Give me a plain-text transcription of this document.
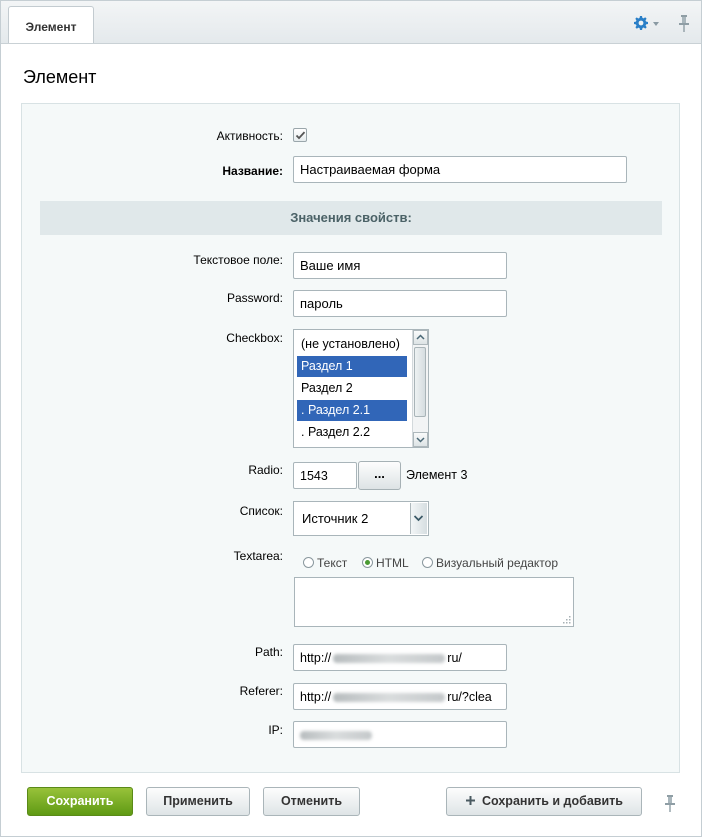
Элемент
Элемент
Активность:
Название:	Настраиваемая форма
Значения свойств:
Текстовое поле:	Ваше имя
Password:	пароль
Checkbox:	(не установлено)
Раздел 1
Раздел 2
. Раздел 2.1
. Раздел 2.2
Radio:	1543	...	Элемент 3
Список: Источник 2
Textarea:	Текст	HTML	Визуальный редактор
Path:	http://	ru/
Referer:	http://	ru/?clea
IP:
Сохранить	Применить	Отменить	Сохранить и добавить
